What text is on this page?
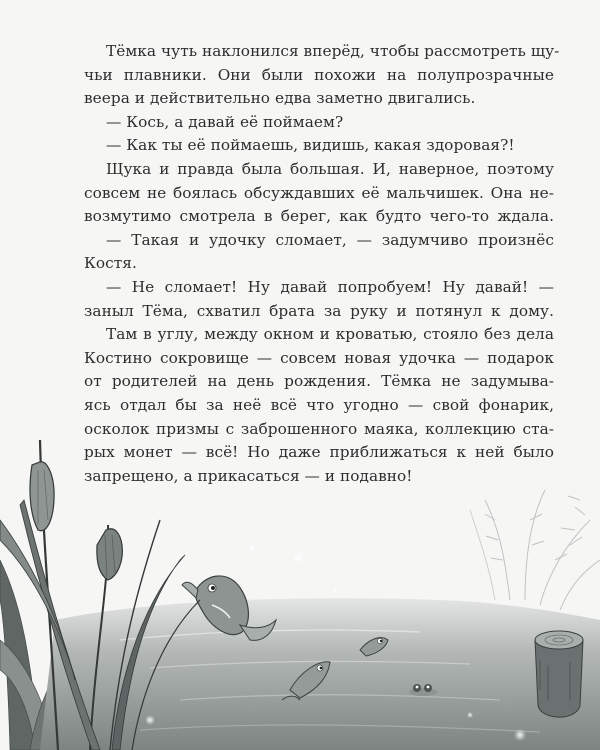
Тёмка чуть наклонился вперёд, чтобы рассмотреть щу-
чьи плавники. Они были похожи на полупрозрачные
веера и действительно едва заметно двигались.
— Кось, а давай её поймаем?
— Как ты её поймаешь, видишь, какая здоровая?!
Щука и правда была большая. И, наверное, поэтому
совсем не боялась обсуждавших её мальчишек. Она не-
возмутимо смотрела в берег, как будто чего-то ждала.
— Такая и удочку сломает, — задумчиво произнёс
Костя.
— Не сломает! Ну давай попробуем! Ну давай! —
заныл Тёма, схватил брата за руку и потянул к дому.
Там в углу, между окном и кроватью, стояло без дела
Костино сокровище — совсем новая удочка — подарок
от родителей на день рождения. Тёмка не задумыва-
ясь отдал бы за неё всё что угодно — свой фонарик,
осколок призмы с заброшенного маяка, коллекцию ста-
рых монет — всё! Но даже приближаться к ней было
запрещено, а прикасаться — и подавно!
